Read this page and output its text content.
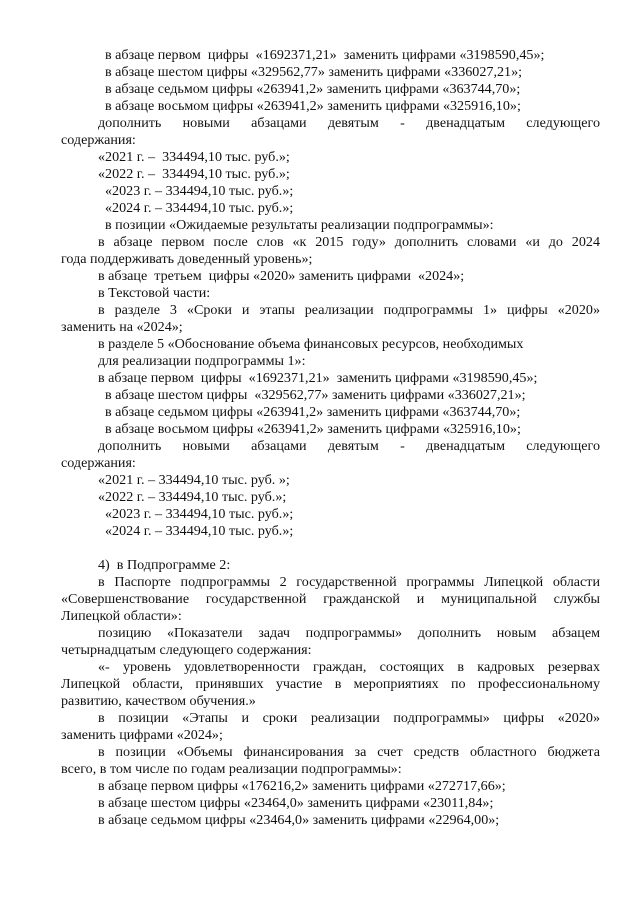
в абзаце первом  цифры  «1692371,21»  заменить цифрами «3198590,45»;
в абзаце шестом цифры «329562,77» заменить цифрами «336027,21»;
в абзаце седьмом цифры «263941,2» заменить цифрами «363744,70»;
в абзаце восьмом цифры «263941,2» заменить цифрами «325916,10»;
дополнить новыми абзацами девятым - двенадцатым следующего
содержания:
«2021 г. –  334494,10 тыс. руб.»;
«2022 г. –  334494,10 тыс. руб.»;
«2023 г. – 334494,10 тыс. руб.»;
«2024 г. – 334494,10 тыс. руб.»;
в позиции «Ожидаемые результаты реализации подпрограммы»:
в абзаце первом после слов «к 2015 году» дополнить словами «и до 2024
года поддерживать доведенный уровень»;
в абзаце  третьем  цифры «2020» заменить цифрами  «2024»;
в Текстовой части:
в разделе 3 «Сроки и этапы реализации подпрограммы 1» цифры «2020»
заменить на «2024»;
в разделе 5 «Обоснование объема финансовых ресурсов, необходимых
для реализации подпрограммы 1»:
в абзаце первом  цифры  «1692371,21»  заменить цифрами «3198590,45»;
в абзаце шестом цифры  «329562,77» заменить цифрами «336027,21»;
в абзаце седьмом цифры «263941,2» заменить цифрами «363744,70»;
в абзаце восьмом цифры «263941,2» заменить цифрами «325916,10»;
дополнить новыми абзацами девятым - двенадцатым следующего
содержания:
«2021 г. – 334494,10 тыс. руб. »;
«2022 г. – 334494,10 тыс. руб.»;
«2023 г. – 334494,10 тыс. руб.»;
«2024 г. – 334494,10 тыс. руб.»;
4)  в Подпрограмме 2:
в Паспорте подпрограммы 2 государственной программы Липецкой области
«Совершенствование государственной гражданской и муниципальной службы
Липецкой области»:
позицию «Показатели задач подпрограммы» дополнить новым абзацем
четырнадцатым следующего содержания:
«- уровень удовлетворенности граждан, состоящих в кадровых резервах
Липецкой области, принявших участие в мероприятиях по профессиональному
развитию, качеством обучения.»
в позиции «Этапы и сроки реализации подпрограммы» цифры «2020»
заменить цифрами «2024»;
в позиции «Объемы финансирования за счет средств областного бюджета
всего, в том числе по годам реализации подпрограммы»:
в абзаце первом цифры «176216,2» заменить цифрами «272717,66»;
в абзаце шестом цифры «23464,0» заменить цифрами «23011,84»;
в абзаце седьмом цифры «23464,0» заменить цифрами «22964,00»;
